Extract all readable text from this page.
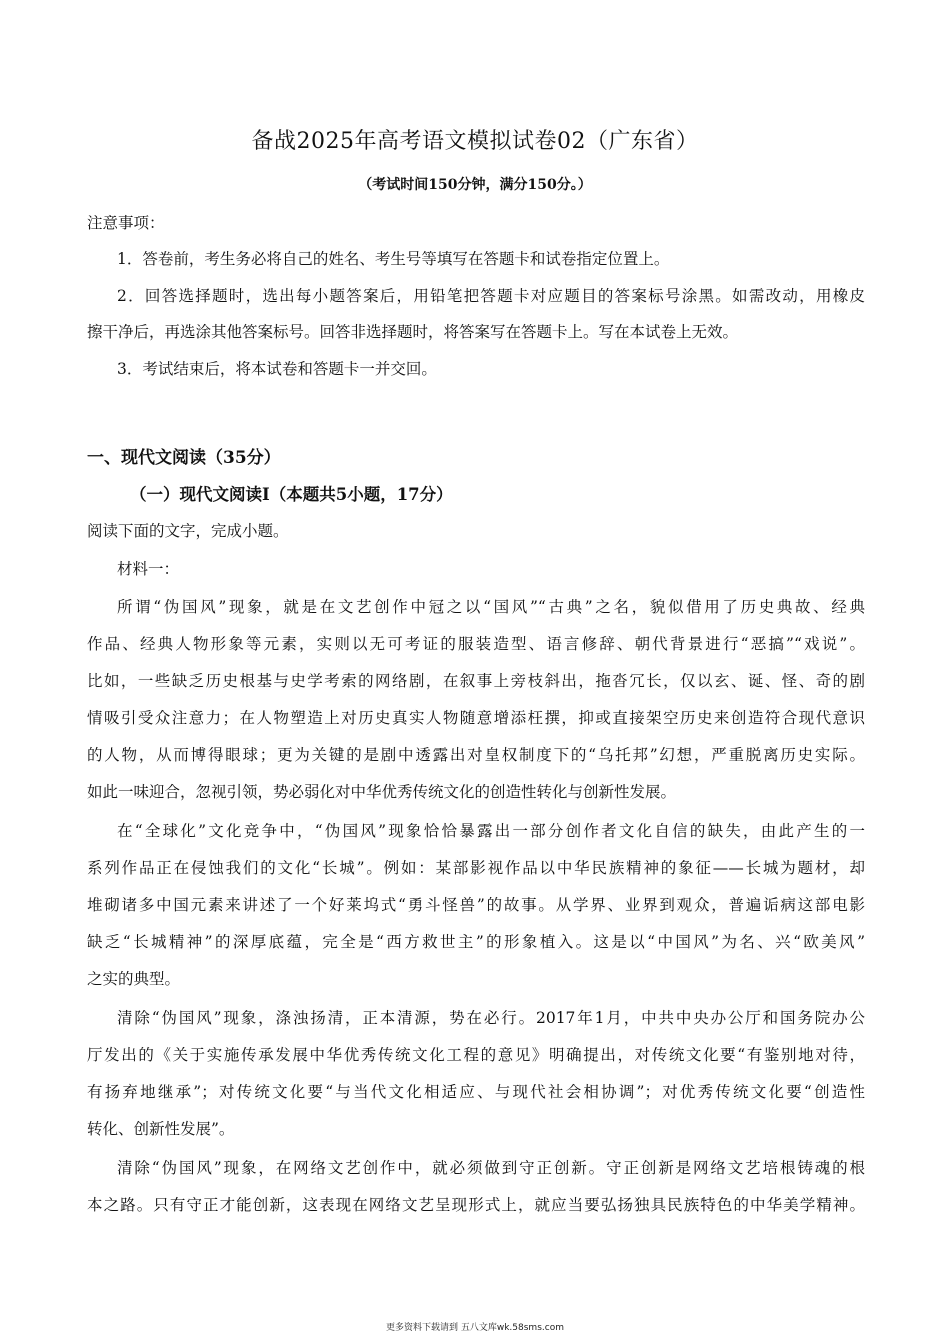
备战2025年高考语文模拟试卷02（广东省）
（考试时间150分钟，满分150分。）
注意事项：
1．答卷前，考生务必将自己的姓名、考生号等填写在答题卡和试卷指定位置上。
2．回答选择题时，选出每小题答案后，用铅笔把答题卡对应题目的答案标号涂黑。如需改动，用橡皮
擦干净后，再选涂其他答案标号。回答非选择题时，将答案写在答题卡上。写在本试卷上无效。
3．考试结束后，将本试卷和答题卡一并交回。
一、现代文阅读（35分）
（一）现代文阅读Ⅰ（本题共5小题，17分）
阅读下面的文字，完成小题。
材料一：
所谓“伪国风”现象，就是在文艺创作中冠之以“国风”“古典”之名，貌似借用了历史典故、经典
作品、经典人物形象等元素，实则以无可考证的服装造型、语言修辞、朝代背景进行“恶搞”“戏说”。
比如，一些缺乏历史根基与史学考索的网络剧，在叙事上旁枝斜出，拖沓冗长，仅以玄、诞、怪、奇的剧
情吸引受众注意力；在人物塑造上对历史真实人物随意增添枉撰，抑或直接架空历史来创造符合现代意识
的人物，从而博得眼球；更为关键的是剧中透露出对皇权制度下的“乌托邦”幻想，严重脱离历史实际。
如此一味迎合，忽视引领，势必弱化对中华优秀传统文化的创造性转化与创新性发展。
在“全球化”文化竞争中，“伪国风”现象恰恰暴露出一部分创作者文化自信的缺失，由此产生的一
系列作品正在侵蚀我们的文化“长城”。例如：某部影视作品以中华民族精神的象征——长城为题材，却
堆砌诸多中国元素来讲述了一个好莱坞式“勇斗怪兽”的故事。从学界、业界到观众，普遍诟病这部电影
缺乏“长城精神”的深厚底蕴，完全是“西方救世主”的形象植入。这是以“中国风”为名、兴“欧美风”
之实的典型。
清除“伪国风”现象，涤浊扬清，正本清源，势在必行。2017年1月，中共中央办公厅和国务院办公
厅发出的《关于实施传承发展中华优秀传统文化工程的意见》明确提出，对传统文化要“有鉴别地对待，
有扬弃地继承”；对传统文化要“与当代文化相适应、与现代社会相协调”；对优秀传统文化要“创造性
转化、创新性发展”。
清除“伪国风”现象，在网络文艺创作中，就必须做到守正创新。守正创新是网络文艺培根铸魂的根
本之路。只有守正才能创新，这表现在网络文艺呈现形式上，就应当要弘扬独具民族特色的中华美学精神。
更多资料下载请到 五八文库wk.58sms.com
